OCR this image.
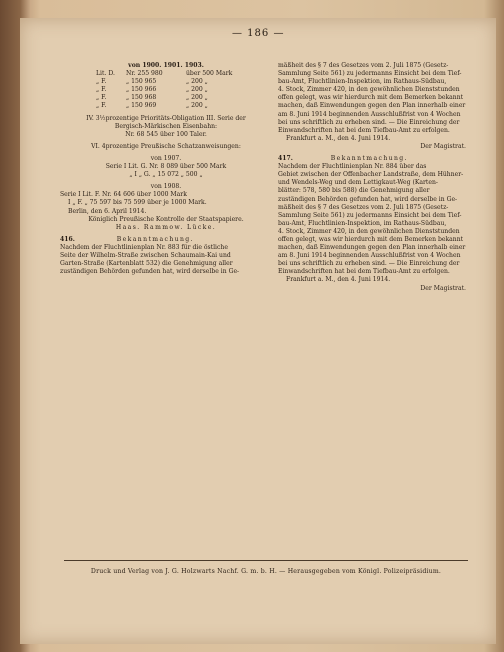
— 186 —
von 1900. 1901. 1903.
Lit. D.	Nr. 255 980	über 500 Mark
„ F.	„ 150 965	„ 200 „
„ F.	„ 150 966	„ 200 „
„ F.	„ 150 968	„ 200 „
„ F.	„ 150 969	„ 200 „
IV. 3½prozentige Prioritäts-Obligation III. Serie der
Bergisch-Märkischen Eisenbahn:
Nr. 68 545 über 100 Taler.
VI. 4prozentige Preußische Schatzanweisungen:
von 1907.
Serie I Lit. G. Nr. 8 089 über 500 Mark
„ I „ G. „ 15 072 „ 500 „
von 1908.
Serie I Lit. F. Nr. 64 606 über 1000 Mark
I „ F. „ 75 597 bis 75 599 über je 1000 Mark.
Berlin, den 6. April 1914.
Königlich Preußische Kontrolle der Staatspapiere.
Haas. Rammow. Lücke.
416.	Bekanntmachung.
Nachdem der Fluchtlinienplan Nr. 883 für die östliche
Seite der Wilhelm-Straße zwischen Schaumain-Kai und
Garten-Straße (Kartenblatt 532) die Genehmigung aller
zuständigen Behörden gefunden hat, wird derselbe in Ge-
mäßheit des § 7 des Gesetzes vom 2. Juli 1875 (Gesetz-
Sammlung Seite 561) zu jedermanns Einsicht bei dem Tief-
bau-Amt, Fluchtlinien-Inspektion, im Rathaus-Südbau,
4. Stock, Zimmer 420, in den gewöhnlichen Dienststunden
offen gelegt, was wir hierdurch mit dem Bemerken bekannt
machen, daß Einwendungen gegen den Plan innerhalb einer
am 8. Juni 1914 beginnenden Ausschlußfrist von 4 Wochen
bei uns schriftlich zu erheben sind. — Die Einreichung der
Einwandschriften hat bei dem Tiefbau-Amt zu erfolgen.
Frankfurt a. M., den 4. Juni 1914.
Der Magistrat.
417.	Bekanntmachung.
Nachdem der Fluchtlinienplan Nr. 884 über das
Gebiet zwischen der Offenbacher Landstraße, dem Hühner-
und Wendels-Weg und dem Lettigkaut-Weg (Karten-
blätter: 578, 580 bis 588) die Genehmigung aller
zuständigen Behörden gefunden hat, wird derselbe in Ge-
mäßheit des § 7 des Gesetzes vom 2. Juli 1875 (Gesetz-
Sammlung Seite 561) zu jedermanns Einsicht bei dem Tief-
bau-Amt, Fluchtlinien-Inspektion, im Rathaus-Südbau,
4. Stock, Zimmer 420, in den gewöhnlichen Dienststunden
offen gelegt, was wir hierdurch mit dem Bemerken bekannt
machen, daß Einwendungen gegen den Plan innerhalb einer
am 8. Juni 1914 beginnenden Ausschlußfrist von 4 Wochen
bei uns schriftlich zu erheben sind. — Die Einreichung der
Einwandschriften hat bei dem Tiefbau-Amt zu erfolgen.
Frankfurt a. M., den 4. Juni 1914.
Der Magistrat.
Druck und Verlag von J. G. Holzwarts Nachf. G. m. b. H. — Herausgegeben vom Königl. Polizeipräsidium.
